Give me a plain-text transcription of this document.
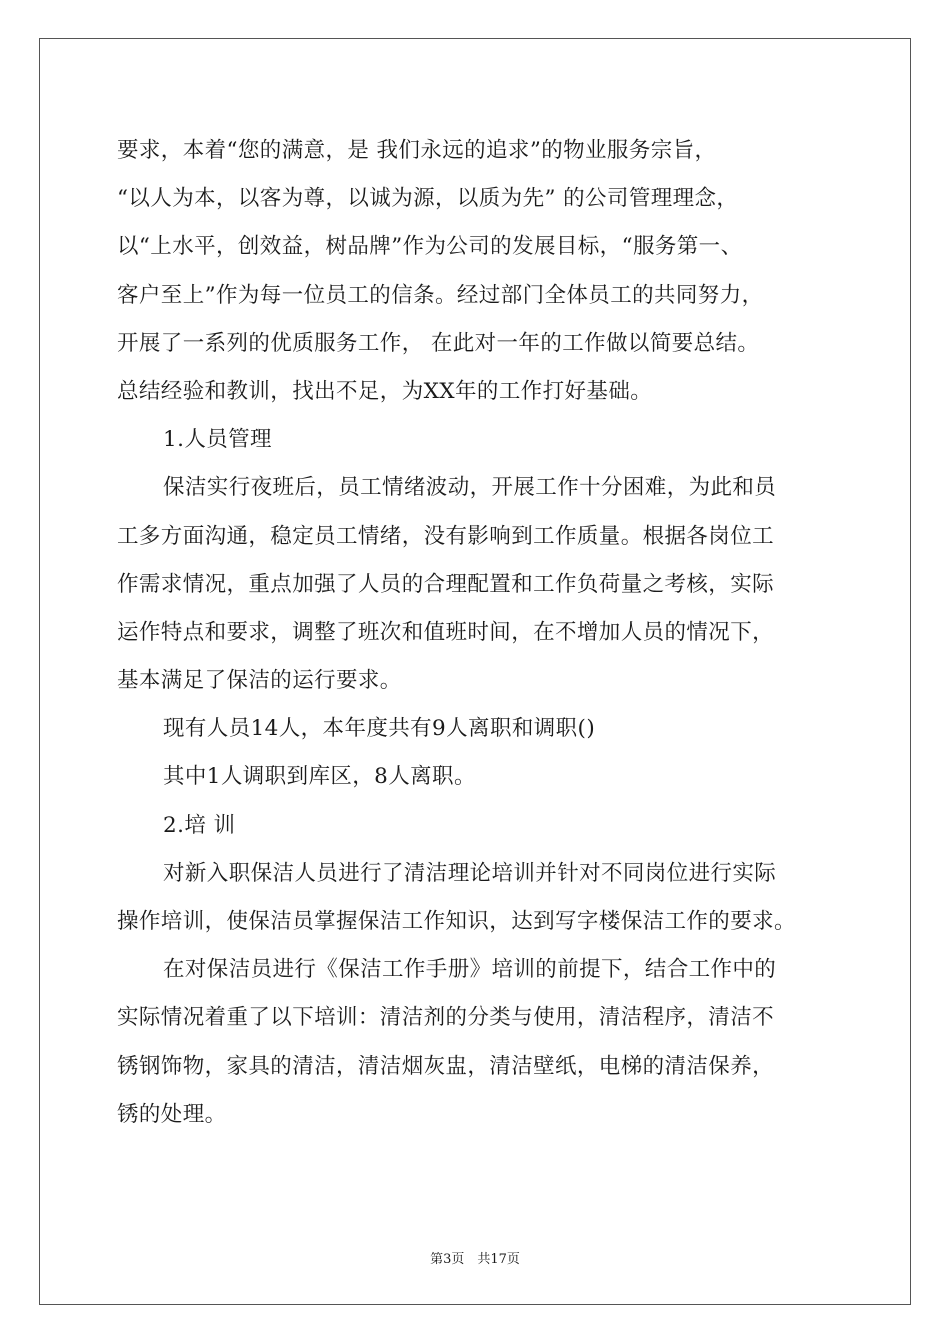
要求，本着“您的满意，是 我们永远的追求”的物业服务宗旨，
“以人为本，以客为尊，以诚为源，以质为先” 的公司管理理念，
以“上水平，创效益，树品牌”作为公司的发展目标，“服务第一、
客户至上”作为每一位员工的信条。经过部门全体员工的共同努力，
开展了一系列的优质服务工作， 在此对一年的工作做以简要总结。
总结经验和教训，找出不足，为XX年的工作打好基础。
1.人员管理
保洁实行夜班后，员工情绪波动，开展工作十分困难，为此和员
工多方面沟通，稳定员工情绪，没有影响到工作质量。根据各岗位工
作需求情况，重点加强了人员的合理配置和工作负荷量之考核，实际
运作特点和要求，调整了班次和值班时间，在不增加人员的情况下，
基本满足了保洁的运行要求。
现有人员14人，本年度共有9人离职和调职()
其中1人调职到库区，8人离职。
2.培 训
对新入职保洁人员进行了清洁理论培训并针对不同岗位进行实际
操作培训，使保洁员掌握保洁工作知识，达到写字楼保洁工作的要求。
在对保洁员进行《保洁工作手册》培训的前提下，结合工作中的
实际情况着重了以下培训：清洁剂的分类与使用，清洁程序，清洁不
锈钢饰物，家具的清洁，清洁烟灰盅，清洁壁纸，电梯的清洁保养，
锈的处理。
第3页　共17页
